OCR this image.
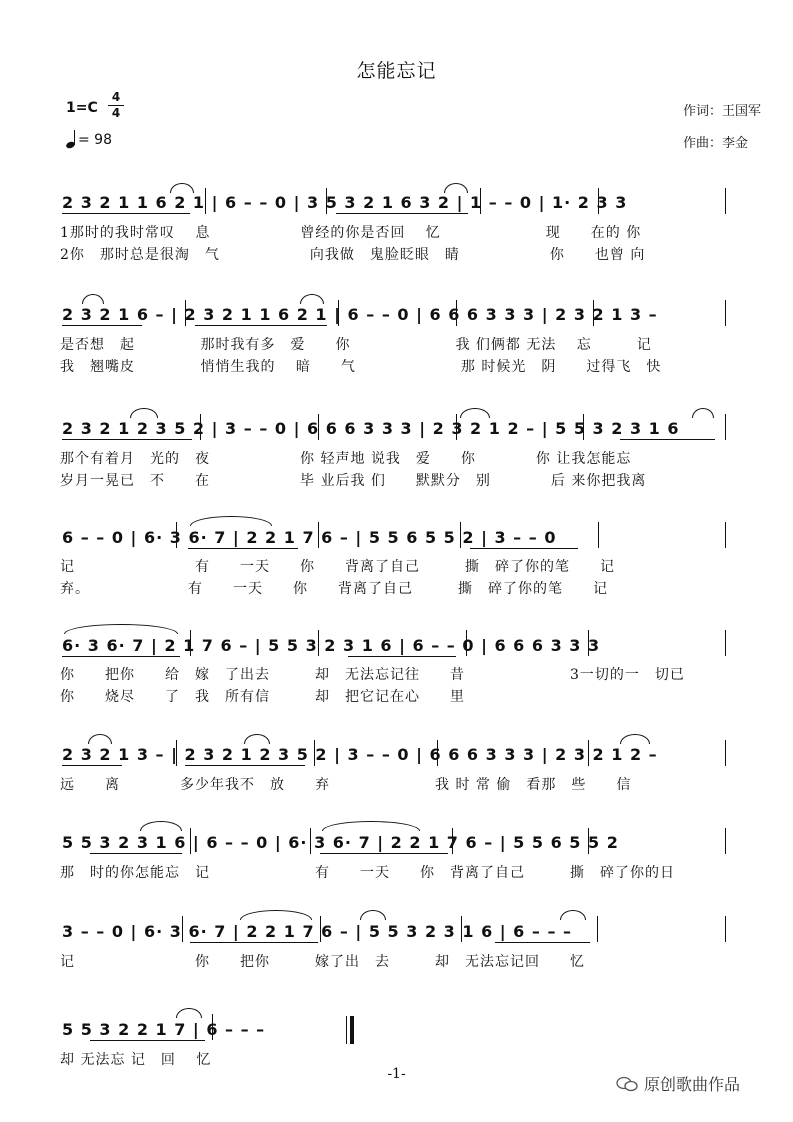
怎能忘记
1=C
4
4
= 98
作词：王国军
作曲：李金
2 3 2 1 1 6 2 1 | 6 – – 0 | 3 5 3 2 1 6 3 2 | 1 – – 0 | 1· 2 3 3
1那时的我时常叹　 息　　　　　　曾经的你是否回　 忆　　　　　　　现　　在的 你
2你　那时总是很淘　气　　　　　　向我做　鬼脸眨眼　睛　　　　　　你　　也曾 向
2 3 2 1 6 – | 2 3 2 1 1 6 2 1 | 6 – – 0 | 6 6 6 3 3 3 | 2 3 2 1 3 –
是否想　起　　　　 那时我有多　爱　　你　　　　　　　我 们俩都 无法　 忘　　　记
我　翘嘴皮　　　　 悄悄生我的　 暗　　气　　　　　　　那 时候光　阴　　过得飞　快
2 3 2 1 2 3 5 2 | 3 – – 0 | 6 6 6 3 3 3 | 2 3 2 1 2 – | 5 5 3 2 3 1 6
那个有着月　光的　夜　　　　　　你 轻声地 说我　爱　　你　　　　你 让我怎能忘
岁月一晃已　不　　在　　　　　　毕 业后我 们　　默默分　别　　　　后 来你把我离
6 – – 0 | 6· 3 6· 7 | 2 2 1 7 6 – | 5 5 6 5 5 2 | 3 – – 0
记　　　　　　　　有　　一天　　你　　背离了自己　　　撕　碎了你的笔　　记
弃。　　　　　　　有　　一天　　你　　背离了自己　　　撕　碎了你的笔　　记
6· 3 6· 7 | 2 1 7 6 – | 5 5 3 2 3 1 6 | 6 – – 0 | 6 6 6 3 3 3
你　　把你　　给　嫁　了出去　　　却　无法忘记往　　昔　　　　　　　3一切的一　切已
你　　烧尽　　了　我　所有信　　　却　把它记在心　　里
2 3 2 1 3 – | 2 3 2 1 2 3 5 2 | 3 – – 0 | 6 6 6 3 3 3 | 2 3 2 1 2 –
远　　离　　　　多少年我不　放　　弃　　　　　　　我 时 常 偷　看那　些　　信
5 5 3 2 3 1 6 | 6 – – 0 | 6· 3 6· 7 | 2 2 1 7 6 – | 5 5 6 5 5 2
那　时的你怎能忘　记　　　　　　　有　　一天　　你　背离了自己　　　撕　碎了你的日
3 – – 0 | 6· 3 6· 7 | 2 2 1 7 6 – | 5 5 3 2 3 1 6 | 6 – – –
记　　　　　　　　你　　把你　　　嫁了出　去　　　却　无法忘记回　　忆
5 5 3 2 2 1 7 | 6 – – –
却 无法忘 记　回　 忆
-1-
原创歌曲作品
